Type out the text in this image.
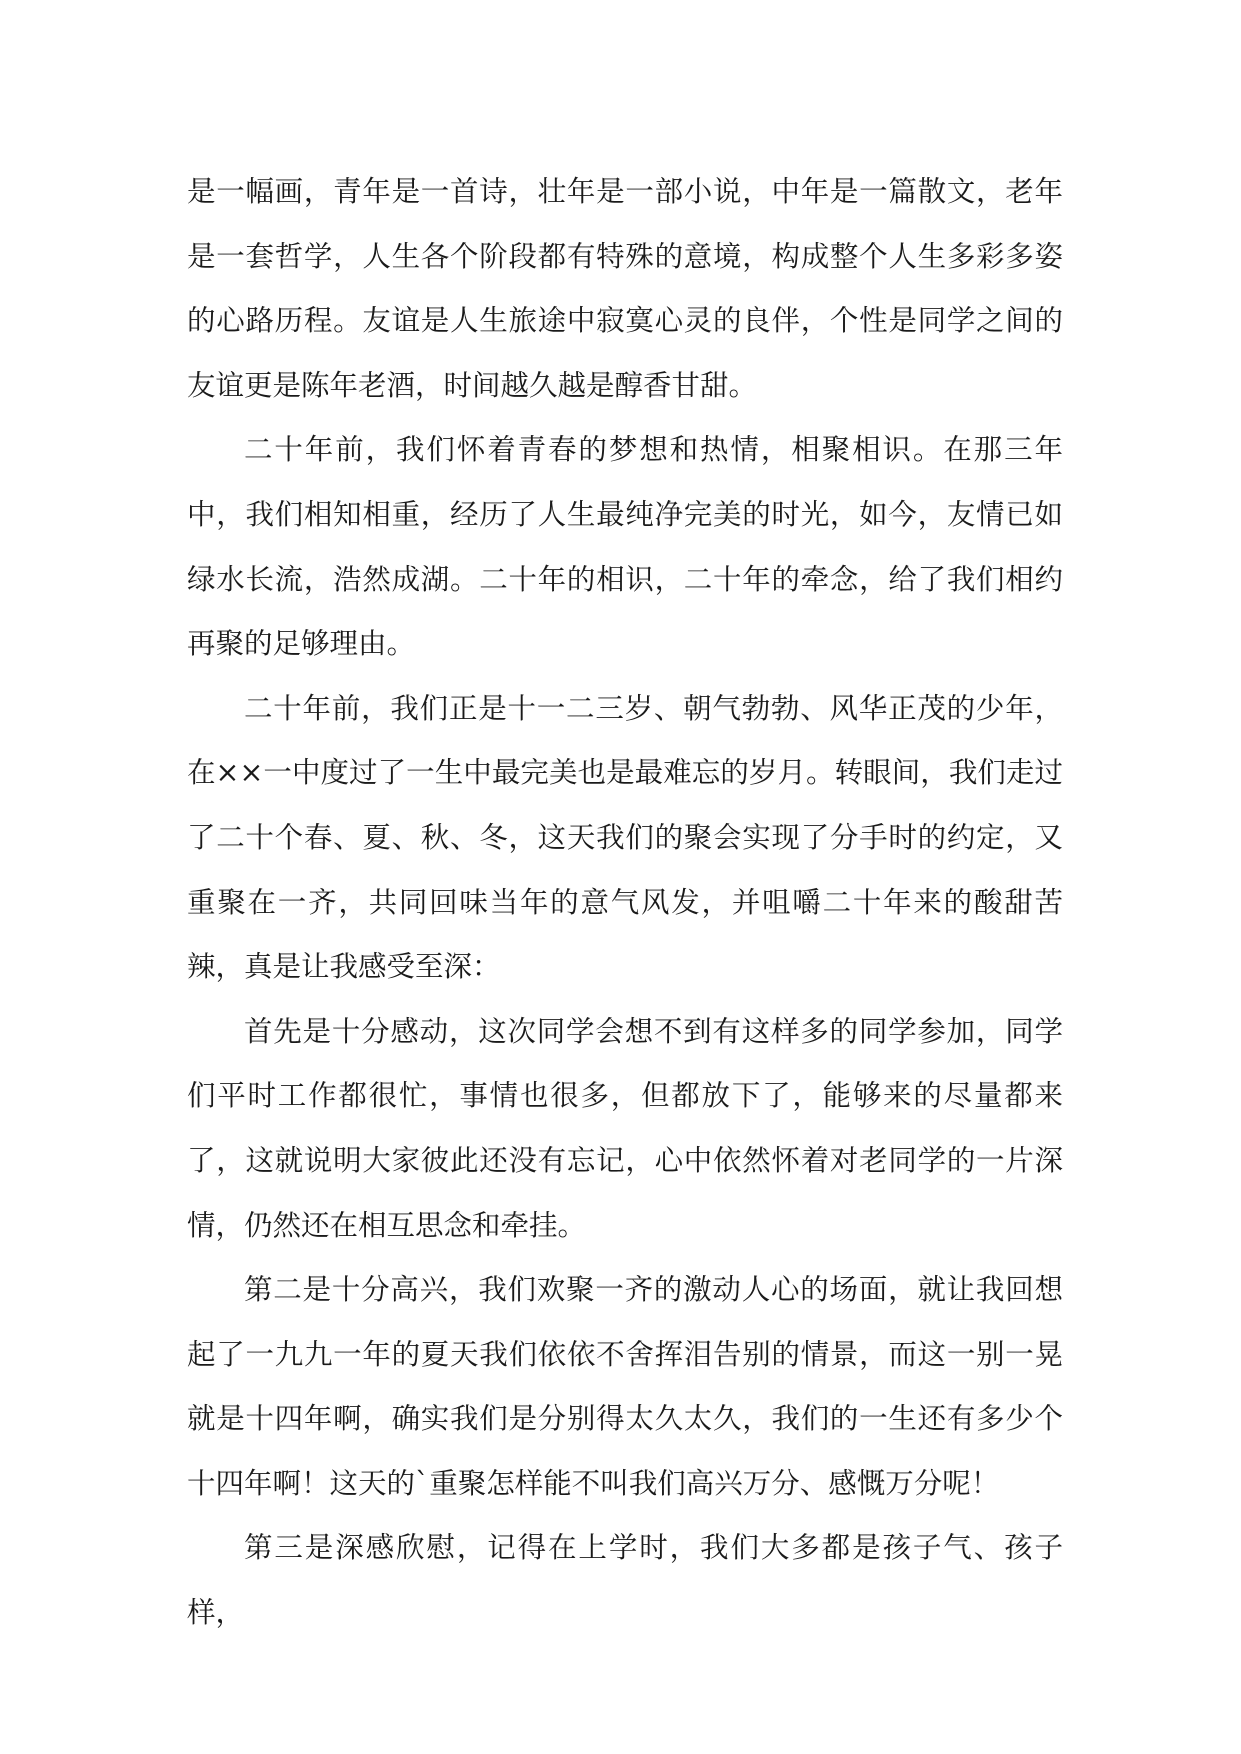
是一幅画，青年是一首诗，壮年是一部小说，中年是一篇散文，老年是一套哲学，人生各个阶段都有特殊的意境，构成整个人生多彩多姿的心路历程。友谊是人生旅途中寂寞心灵的良伴，个性是同学之间的友谊更是陈年老酒，时间越久越是醇香甘甜。

二十年前，我们怀着青春的梦想和热情，相聚相识。在那三年中，我们相知相重，经历了人生最纯净完美的时光，如今，友情已如绿水长流，浩然成湖。二十年的相识，二十年的牵念，给了我们相约再聚的足够理由。

二十年前，我们正是十一二三岁、朝气勃勃、风华正茂的少年，在××一中度过了一生中最完美也是最难忘的岁月。转眼间，我们走过了二十个春、夏、秋、冬，这天我们的聚会实现了分手时的约定，又重聚在一齐，共同回味当年的意气风发，并咀嚼二十年来的酸甜苦辣，真是让我感受至深：

首先是十分感动，这次同学会想不到有这样多的同学参加，同学们平时工作都很忙，事情也很多，但都放下了，能够来的尽量都来了，这就说明大家彼此还没有忘记，心中依然怀着对老同学的一片深情，仍然还在相互思念和牵挂。

第二是十分高兴，我们欢聚一齐的激动人心的场面，就让我回想起了一九九一年的夏天我们依依不舍挥泪告别的情景，而这一别一晃就是十四年啊，确实我们是分别得太久太久，我们的一生还有多少个十四年啊！这天的`重聚怎样能不叫我们高兴万分、感慨万分呢！

第三是深感欣慰，记得在上学时，我们大多都是孩子气、孩子样，
